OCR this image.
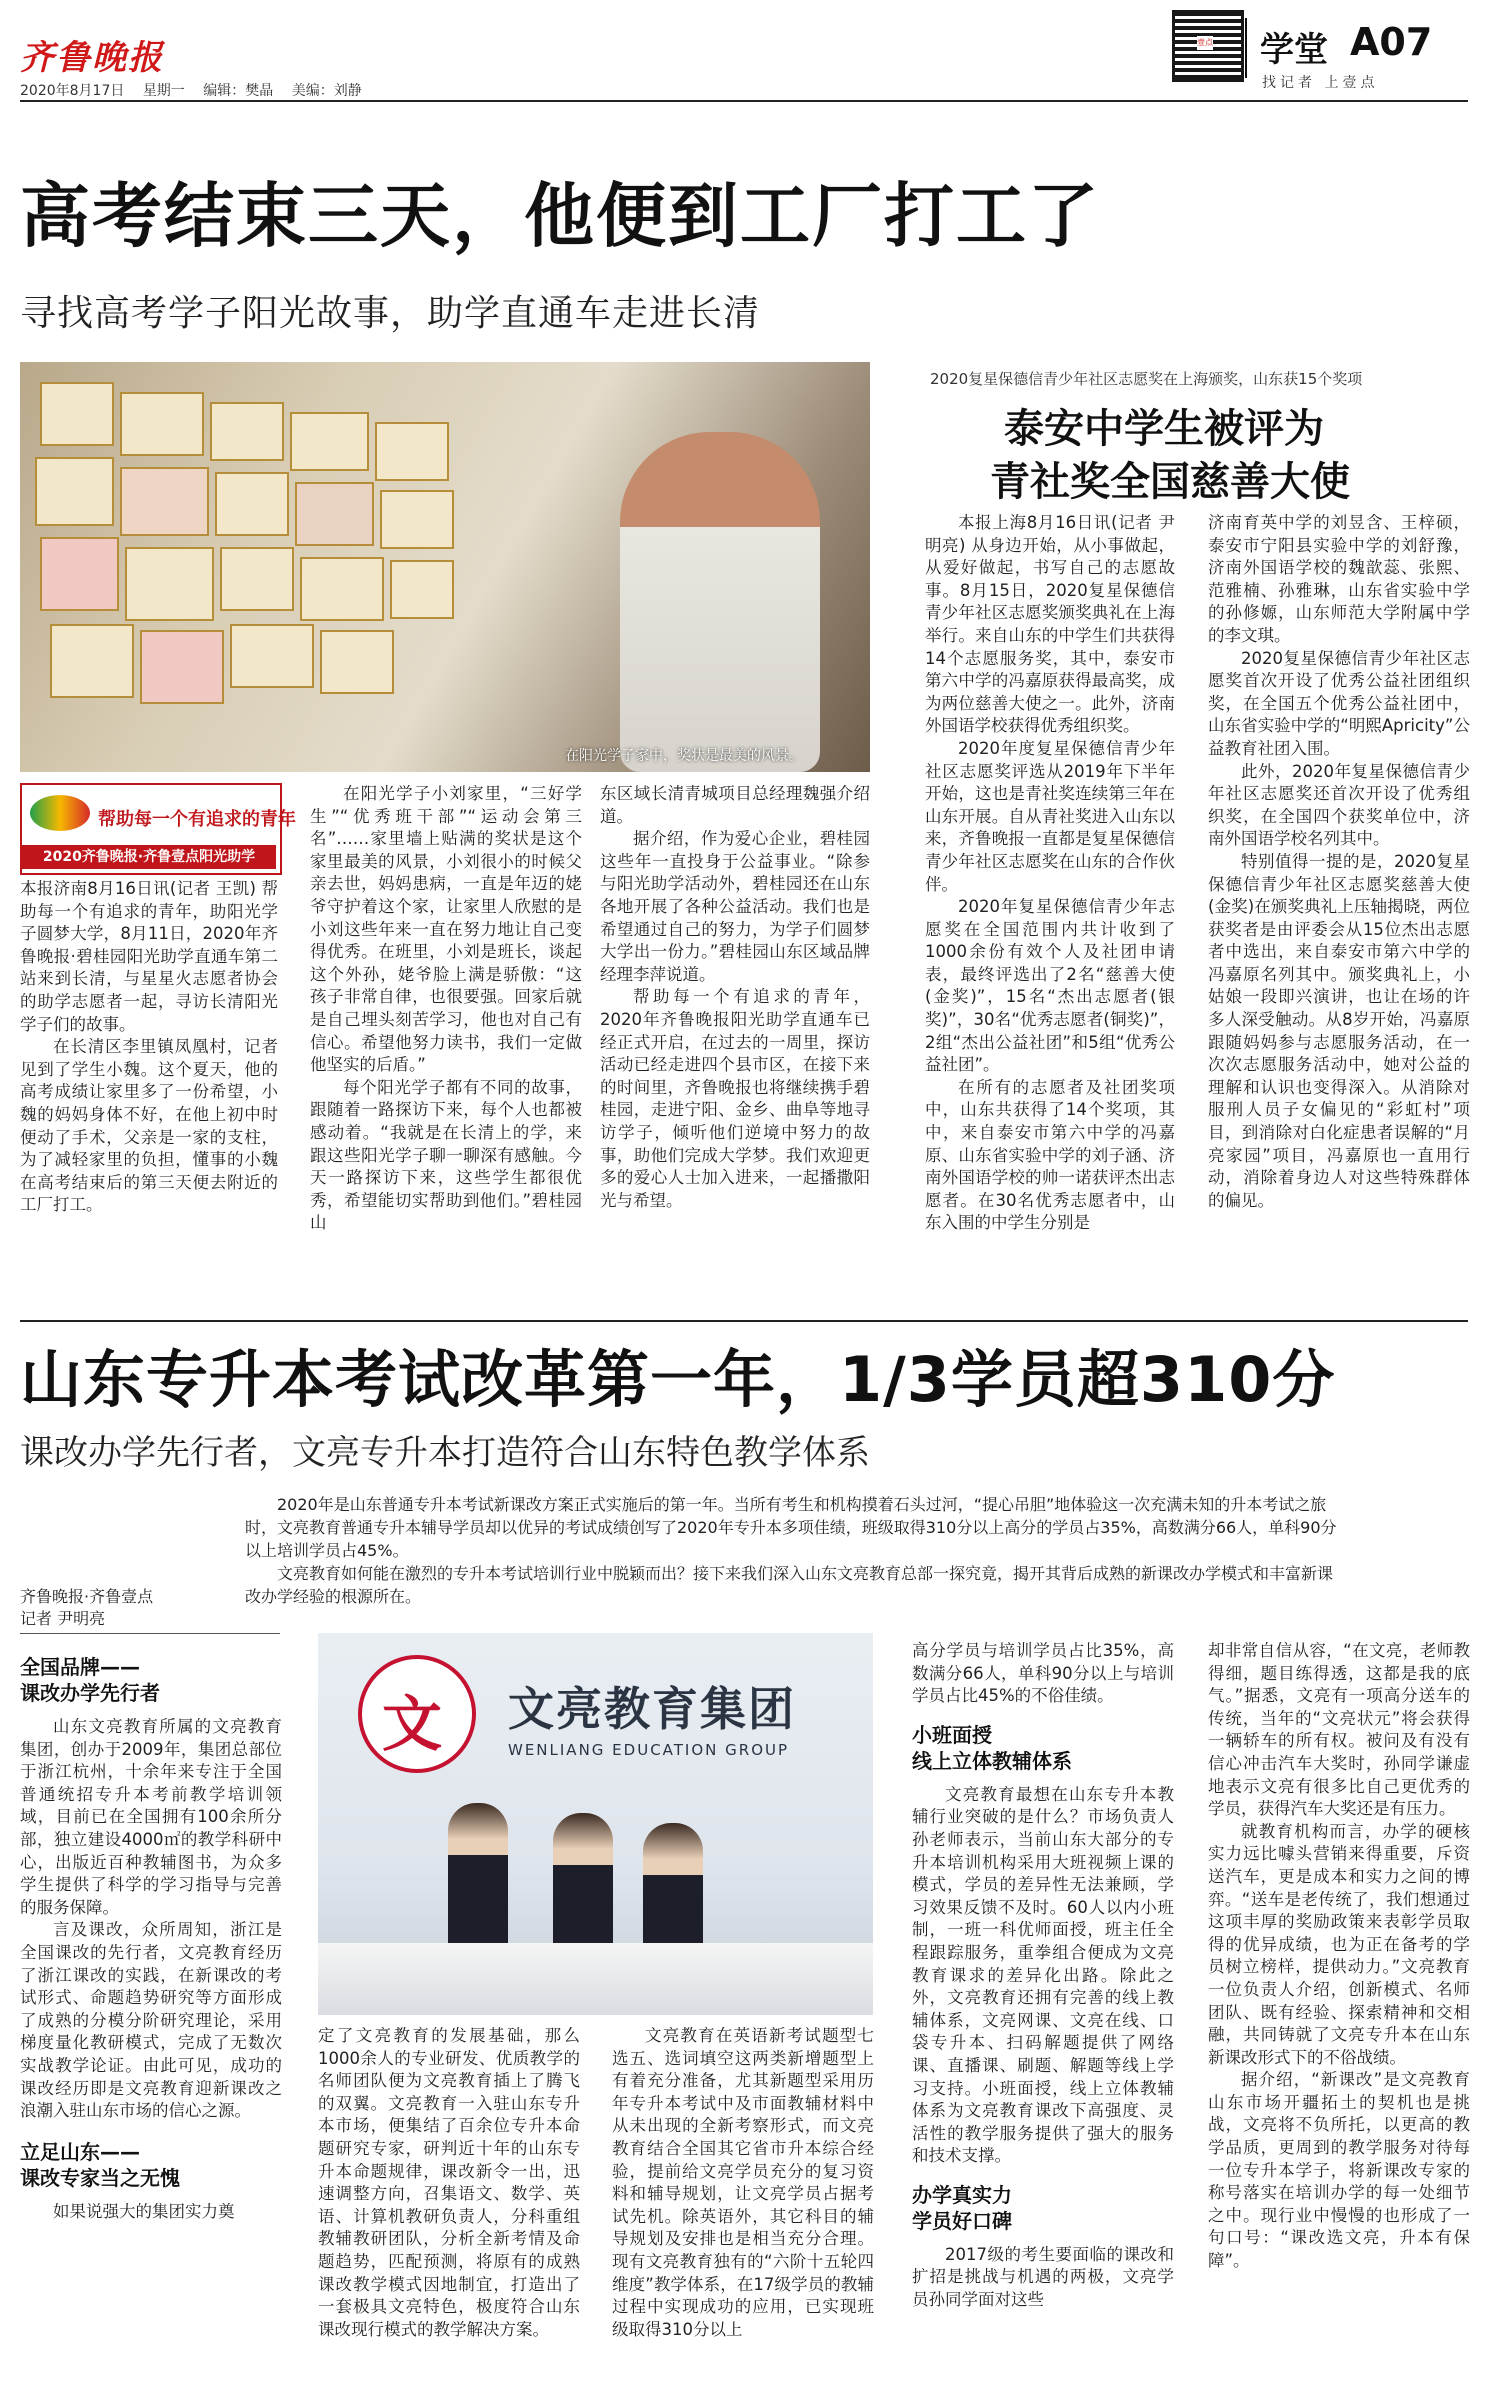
齐鲁晚报
2020年8月17日 星期一 编辑：樊晶 美编：刘静
壹点 学堂 A07
找记者 上壹点
高考结束三天，他便到工厂打工了
寻找高考学子阳光故事，助学直通车走进长清
在阳光学子家中，奖状是最美的风景。
帮助每一个有追求的青年
2020齐鲁晚报·齐鲁壹点阳光助学

本报济南8月16日讯(记者 王凯) 帮助每一个有追求的青年，助阳光学子圆梦大学，8月11日，2020年齐鲁晚报·碧桂园阳光助学直通车第二站来到长清，与星星火志愿者协会的助学志愿者一起，寻访长清阳光学子们的故事。

在长清区李里镇凤凰村，记者见到了学生小魏。这个夏天，他的高考成绩让家里多了一份希望，小魏的妈妈身体不好，在他上初中时便动了手术，父亲是一家的支柱，为了减轻家里的负担，懂事的小魏在高考结束后的第三天便去附近的工厂打工。

在阳光学子小刘家里，“三好学生”“优秀班干部”“运动会第三名”……家里墙上贴满的奖状是这个家里最美的风景，小刘很小的时候父亲去世，妈妈患病，一直是年迈的姥爷守护着这个家，让家里人欣慰的是小刘这些年来一直在努力地让自己变得优秀。在班里，小刘是班长，谈起这个外孙，姥爷脸上满是骄傲：“这孩子非常自律，也很要强。回家后就是自己埋头刻苦学习，他也对自己有信心。希望他努力读书，我们一定做他坚实的后盾。”

每个阳光学子都有不同的故事，跟随着一路探访下来，每个人也都被感动着。“我就是在长清上的学，来跟这些阳光学子聊一聊深有感触。今天一路探访下来，这些学生都很优秀，希望能切实帮助到他们。”碧桂园山

东区域长清青城项目总经理魏强介绍道。

据介绍，作为爱心企业，碧桂园这些年一直投身于公益事业。“除参与阳光助学活动外，碧桂园还在山东各地开展了各种公益活动。我们也是希望通过自己的努力，为学子们圆梦大学出一份力。”碧桂园山东区域品牌经理李萍说道。

帮助每一个有追求的青年，2020年齐鲁晚报阳光助学直通车已经正式开启，在过去的一周里，探访活动已经走进四个县市区，在接下来的时间里，齐鲁晚报也将继续携手碧桂园，走进宁阳、金乡、曲阜等地寻访学子，倾听他们逆境中努力的故事，助他们完成大学梦。我们欢迎更多的爱心人士加入进来，一起播撒阳光与希望。

2020复星保德信青少年社区志愿奖在上海颁奖，山东获15个奖项
泰安中学生被评为
青社奖全国慈善大使

本报上海8月16日讯(记者 尹明亮) 从身边开始，从小事做起，从爱好做起，书写自己的志愿故事。8月15日，2020复星保德信青少年社区志愿奖颁奖典礼在上海举行。来自山东的中学生们共获得14个志愿服务奖，其中，泰安市第六中学的冯嘉原获得最高奖，成为两位慈善大使之一。此外，济南外国语学校获得优秀组织奖。

2020年度复星保德信青少年社区志愿奖评选从2019年下半年开始，这也是青社奖连续第三年在山东开展。自从青社奖进入山东以来，齐鲁晚报一直都是复星保德信青少年社区志愿奖在山东的合作伙伴。

2020年复星保德信青少年志愿奖在全国范围内共计收到了1000余份有效个人及社团申请表，最终评选出了2名“慈善大使(金奖)”，15名“杰出志愿者(银奖)”，30名“优秀志愿者(铜奖)”，2组“杰出公益社团”和5组“优秀公益社团”。

在所有的志愿者及社团奖项中，山东共获得了14个奖项，其中，来自泰安市第六中学的冯嘉原、山东省实验中学的刘子涵、济南外国语学校的帅一诺获评杰出志愿者。在30名优秀志愿者中，山东入围的中学生分别是

济南育英中学的刘昱含、王梓硕，泰安市宁阳县实验中学的刘舒豫，济南外国语学校的魏歆蕊、张熙、范雅楠、孙雅琳，山东省实验中学的孙修嫄，山东师范大学附属中学的李文琪。

2020复星保德信青少年社区志愿奖首次开设了优秀公益社团组织奖，在全国五个优秀公益社团中，山东省实验中学的“明熙Apricity”公益教育社团入围。

此外，2020年复星保德信青少年社区志愿奖还首次开设了优秀组织奖，在全国四个获奖单位中，济南外国语学校名列其中。

特别值得一提的是，2020复星保德信青少年社区志愿奖慈善大使(金奖)在颁奖典礼上压轴揭晓，两位获奖者是由评委会从15位杰出志愿者中选出，来自泰安市第六中学的冯嘉原名列其中。颁奖典礼上，小姑娘一段即兴演讲，也让在场的许多人深受触动。从8岁开始，冯嘉原跟随妈妈参与志愿服务活动，在一次次志愿服务活动中，她对公益的理解和认识也变得深入。从消除对服刑人员子女偏见的“彩虹村”项目，到消除对白化症患者误解的“月亮家园”项目，冯嘉原也一直用行动，消除着身边人对这些特殊群体的偏见。

山东专升本考试改革第一年，1/3学员超310分
课改办学先行者，文亮专升本打造符合山东特色教学体系

2020年是山东普通专升本考试新课改方案正式实施后的第一年。当所有考生和机构摸着石头过河，“提心吊胆”地体验这一次充满未知的升本考试之旅时，文亮教育普通专升本辅导学员却以优异的考试成绩创写了2020年专升本多项佳绩，班级取得310分以上高分的学员占35%，高数满分66人，单科90分以上培训学员占45%。

文亮教育如何能在激烈的专升本考试培训行业中脱颖而出？接下来我们深入山东文亮教育总部一探究竟，揭开其背后成熟的新课改办学模式和丰富新课改办学经验的根源所在。

齐鲁晚报·齐鲁壹点
记者 尹明亮
文 文亮教育集团
WENLIANG EDUCATION GROUP
全国品牌——
课改办学先行者

山东文亮教育所属的文亮教育集团，创办于2009年，集团总部位于浙江杭州，十余年来专注于全国普通统招专升本考前教学培训领域，目前已在全国拥有100余所分部，独立建设4000㎡的教学科研中心，出版近百种教辅图书，为众多学生提供了科学的学习指导与完善的服务保障。

言及课改，众所周知，浙江是全国课改的先行者，文亮教育经历了浙江课改的实践，在新课改的考试形式、命题趋势研究等方面形成了成熟的分模分阶研究理论，采用梯度量化教研模式，完成了无数次实战教学论证。由此可见，成功的课改经历即是文亮教育迎新课改之浪潮入驻山东市场的信心之源。

立足山东——
课改专家当之无愧

如果说强大的集团实力奠

定了文亮教育的发展基础，那么1000余人的专业研发、优质教学的名师团队便为文亮教育插上了腾飞的双翼。文亮教育一入驻山东专升本市场，便集结了百余位专升本命题研究专家，研判近十年的山东专升本命题规律，课改新令一出，迅速调整方向，召集语文、数学、英语、计算机教研负责人，分科重组教辅教研团队，分析全新考情及命题趋势，匹配预测，将原有的成熟课改教学模式因地制宜，打造出了一套极具文亮特色，极度符合山东课改现行模式的教学解决方案。

文亮教育在英语新考试题型七选五、选词填空这两类新增题型上有着充分准备，尤其新题型采用历年专升本考试中及市面教辅材料中从未出现的全新考察形式，而文亮教育结合全国其它省市升本综合经验，提前给文亮学员充分的复习资料和辅导规划，让文亮学员占据考试先机。除英语外，其它科目的辅导规划及安排也是相当充分合理。现有文亮教育独有的“六阶十五轮四维度”教学体系，在17级学员的教辅过程中实现成功的应用，已实现班级取得310分以上

高分学员与培训学员占比35%，高数满分66人，单科90分以上与培训学员占比45%的不俗佳绩。

小班面授
线上立体教辅体系

文亮教育最想在山东专升本教辅行业突破的是什么？市场负责人孙老师表示，当前山东大部分的专升本培训机构采用大班视频上课的模式，学员的差异性无法兼顾，学习效果反馈不及时。60人以内小班制，一班一科优师面授，班主任全程跟踪服务，重拳组合便成为文亮教育课求的差异化出路。除此之外，文亮教育还拥有完善的线上教辅体系，文亮网课、文亮在线、口袋专升本、扫码解题提供了网络课、直播课、刷题、解题等线上学习支持。小班面授，线上立体教辅体系为文亮教育课改下高强度、灵活性的教学服务提供了强大的服务和技术支撑。

办学真实力
学员好口碑

2017级的考生要面临的课改和扩招是挑战与机遇的两极，文亮学员孙同学面对这些

却非常自信从容，“在文亮，老师教得细，题目练得透，这都是我的底气。”据悉，文亮有一项高分送车的传统，当年的“文亮状元”将会获得一辆轿车的所有权。被问及有没有信心冲击汽车大奖时，孙同学谦虚地表示文亮有很多比自己更优秀的学员，获得汽车大奖还是有压力。

就教育机构而言，办学的硬核实力远比噱头营销来得重要，斥资送汽车，更是成本和实力之间的博弈。“送车是老传统了，我们想通过这项丰厚的奖励政策来表彰学员取得的优异成绩，也为正在备考的学员树立榜样，提供动力。”文亮教育一位负责人介绍，创新模式、名师团队、既有经验、探索精神和交相融，共同铸就了文亮专升本在山东新课改形式下的不俗战绩。

据介绍，“新课改”是文亮教育山东市场开疆拓土的契机也是挑战，文亮将不负所托，以更高的教学品质，更周到的教学服务对待每一位专升本学子，将新课改专家的称号落实在培训办学的每一处细节之中。现行业中慢慢的也形成了一句口号：“课改选文亮，升本有保障”。
